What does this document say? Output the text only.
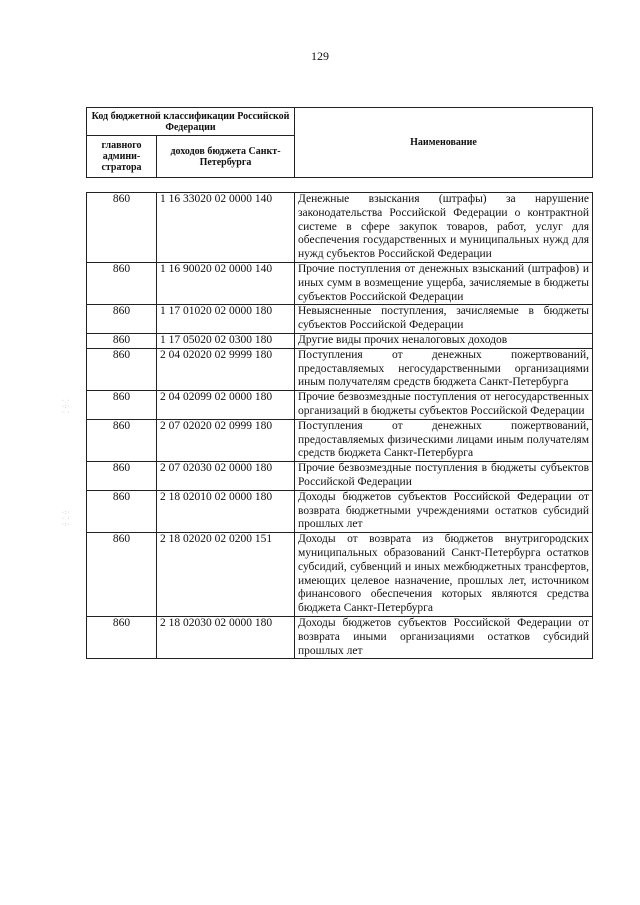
129
· ·
·:·
· ·
·:·
· ·
·:·
Код бюджетной классификации Российской Федерации		Наименование
главного админи-стратора	доходов бюджета Санкт-Петербурга	
860	1 16 33020 02 0000 140	Денежные взыскания (штрафы) за нарушение законодательства Российской Федерации о контрактной системе в сфере закупок товаров, работ, услуг для обеспечения государственных и муниципальных нужд для нужд субъектов Российской Федерации
860	1 16 90020 02 0000 140	Прочие поступления от денежных взысканий (штрафов) и иных сумм в возмещение ущерба, зачисляемые в бюджеты субъектов Российской Федерации
860	1 17 01020 02 0000 180	Невыясненные поступления, зачисляемые в бюджеты субъектов Российской Федерации
860	1 17 05020 02 0300 180	Другие виды прочих неналоговых доходов
860	2 04 02020 02 9999 180	Поступления от денежных пожертвований, предоставляемых негосударственными организациями иным получателям средств бюджета Санкт-Петербурга
860	2 04 02099 02 0000 180	Прочие безвозмездные поступления от негосударственных организаций в бюджеты субъектов Российской Федерации
860	2 07 02020 02 0999 180	Поступления от денежных пожертвований, предоставляемых физическими лицами иным получателям средств бюджета Санкт-Петербурга
860	2 07 02030 02 0000 180	Прочие безвозмездные поступления в бюджеты субъектов Российской Федерации
860	2 18 02010 02 0000 180	Доходы бюджетов субъектов Российской Федерации от возврата бюджетными учреждениями остатков субсидий прошлых лет
860	2 18 02020 02 0200 151	Доходы от возврата из бюджетов внутригородских муниципальных образований Санкт-Петербурга остатков субсидий, субвенций и иных межбюджетных трансфертов, имеющих целевое назначение, прошлых лет, источником финансового обеспечения которых являются средства бюджета Санкт-Петербурга
860	2 18 02030 02 0000 180	Доходы бюджетов субъектов Российской Федерации от возврата иными организациями остатков субсидий прошлых лет
